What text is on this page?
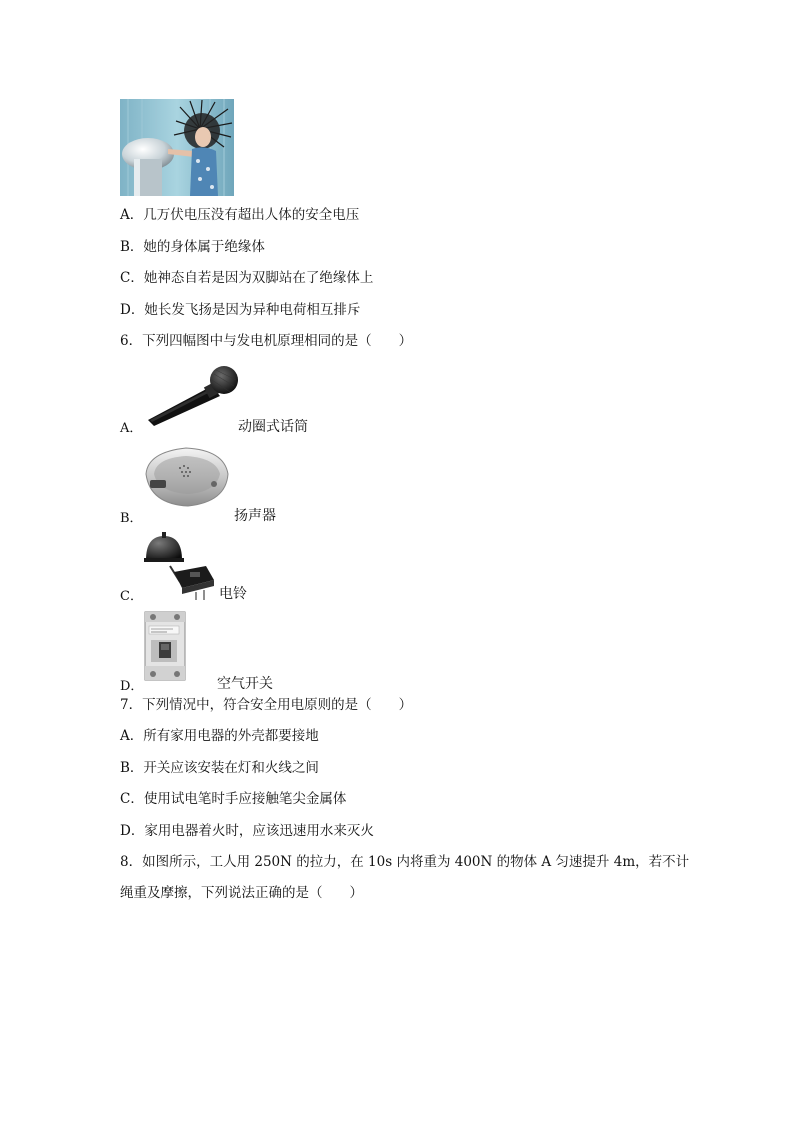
A．几万伏电压没有超出人体的安全电压
B．她的身体属于绝缘体
C．她神态自若是因为双脚站在了绝缘体上
D．她长发飞扬是因为异种电荷相互排斥
6．下列四幅图中与发电机原理相同的是（　　）
A．	动圈式话筒
B．	扬声器
C．	电铃
D．	空气开关
7．下列情况中，符合安全用电原则的是（　　）
A．所有家用电器的外壳都要接地
B．开关应该安装在灯和火线之间
C．使用试电笔时手应接触笔尖金属体
D．家用电器着火时，应该迅速用水来灭火
8．如图所示，工人用 250N 的拉力，在 10s 内将重为 400N 的物体 A 匀速提升 4m，若不计
绳重及摩擦，下列说法正确的是（　　）
